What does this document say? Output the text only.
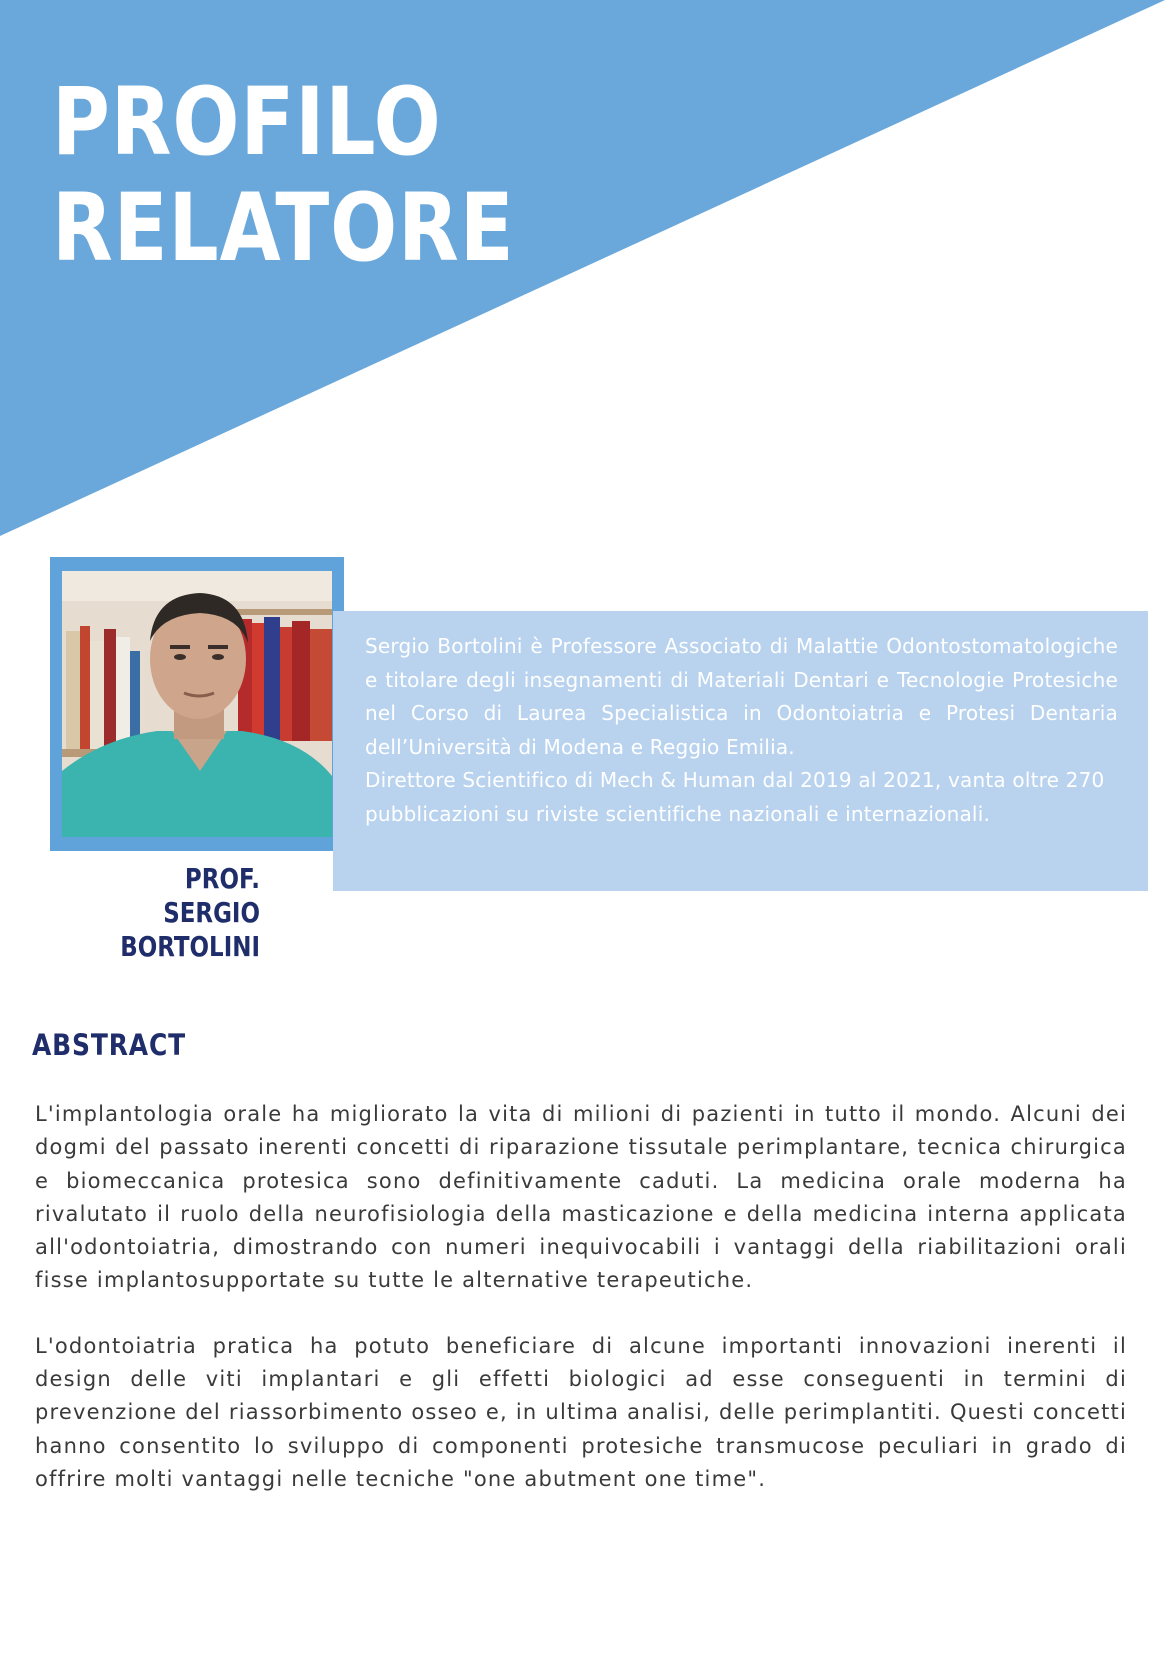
PROFILO
RELATORE

Sergio Bortolini è Professore Associato di Malattie Odontostomatologiche e titolare degli insegnamenti di Materiali Dentari e Tecnologie Protesiche nel Corso di Laurea Specialistica in Odontoiatria e Protesi Dentaria dell’Università di Modena e Reggio Emilia.

Direttore Scientifico di Mech & Human dal 2019 al 2021, vanta oltre 270 pubblicazioni su riviste scientifiche nazionali e internazionali.

PROF. SERGIO
BORTOLINI
ABSTRACT

L'implantologia orale ha migliorato la vita di milioni di pazienti in tutto il mondo. Alcuni dei dogmi del passato inerenti concetti di riparazione tissutale perimplantare, tecnica chirurgica e biomeccanica protesica sono definitivamente caduti. La medicina orale moderna ha rivalutato il ruolo della neurofisiologia della masticazione e della medicina interna applicata all'odontoiatria, dimostrando con numeri inequivocabili i vantaggi della riabilitazioni orali fisse implantosupportate su tutte le alternative terapeutiche.

L'odontoiatria pratica ha potuto beneficiare di alcune importanti innovazioni inerenti il design delle viti implantari e gli effetti biologici ad esse conseguenti in termini di prevenzione del riassorbimento osseo e, in ultima analisi, delle perimplantiti. Questi concetti hanno consentito lo sviluppo di componenti protesiche transmucose peculiari in grado di offrire molti vantaggi nelle tecniche "one abutment one time".
